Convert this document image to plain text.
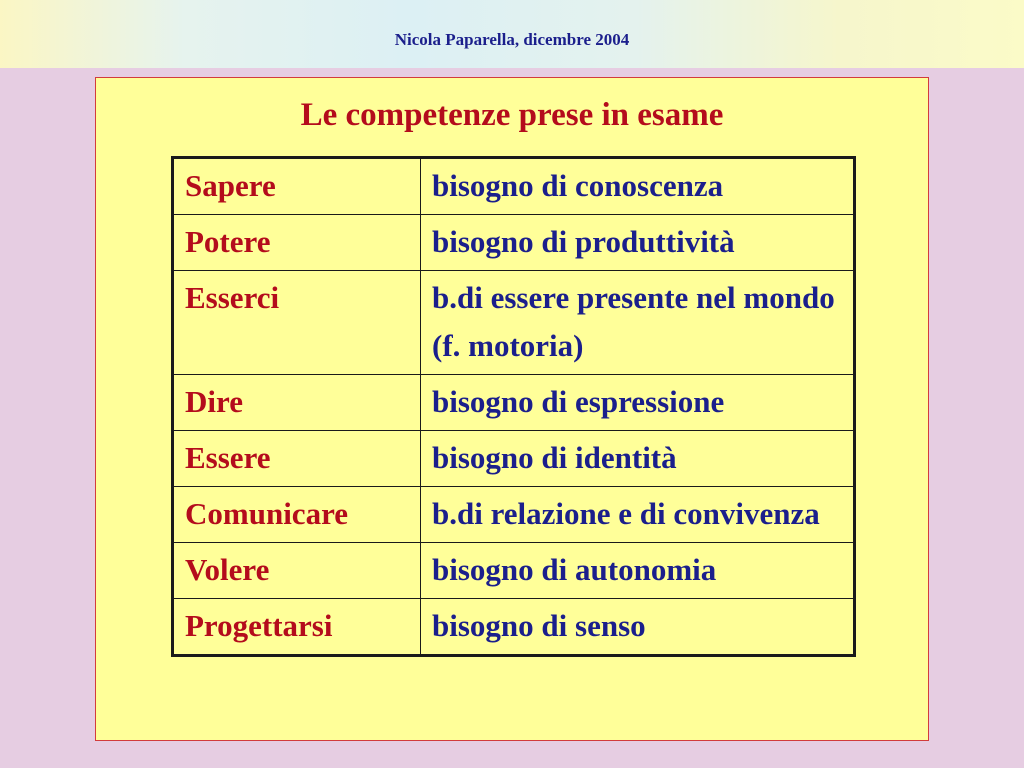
Nicola Paparella, dicembre 2004
Le competenze prese in esame
Sapere	bisogno di conoscenza
Potere	bisogno di produttività
Esserci	b.di essere presente nel mondo (f. motoria)
Dire	bisogno di espressione
Essere	bisogno di identità
Comunicare	b.di relazione e di convivenza
Volere	bisogno di autonomia
Progettarsi	bisogno di senso
